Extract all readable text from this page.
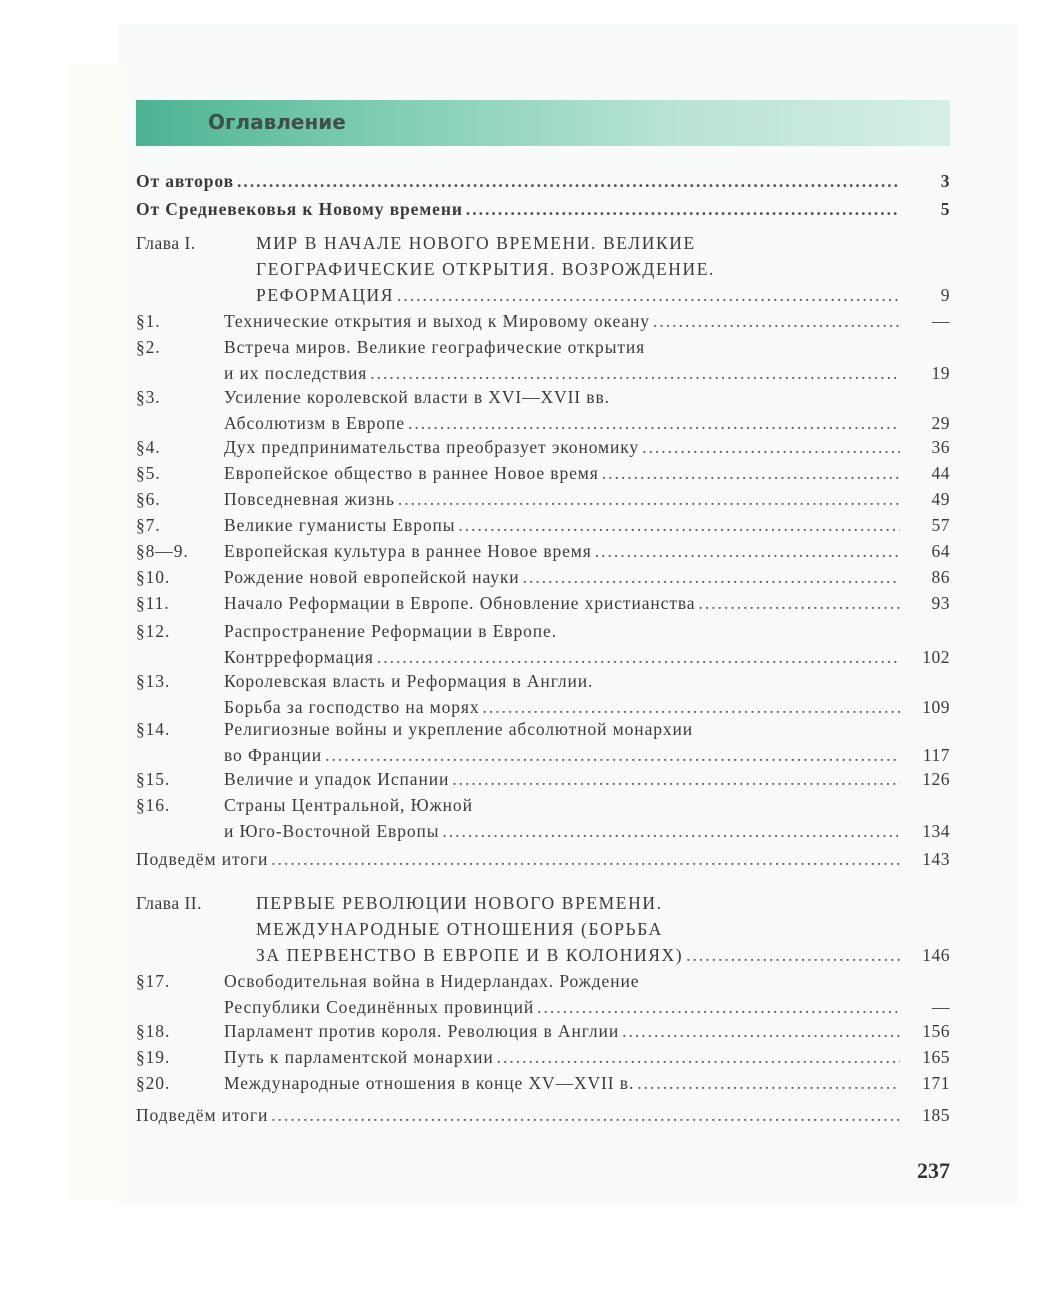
Оглавление
От авторов .....	3
От Средневековья к Новому времени .....	5
Глава I.	МИР В НАЧАЛЕ НОВОГО ВРЕМЕНИ. ВЕЛИКИЕ
ГЕОГРАФИЧЕСКИЕ ОТКРЫТИЯ. ВОЗРОЖДЕНИЕ.
РЕФОРМАЦИЯ .....	9
§1.	Технические открытия и выход к Мировому океану .....	—
§2.	Встреча миров. Великие географические открытия
и их последствия .....	19
§3.	Усиление королевской власти в XVI—XVII вв.
Абсолютизм в Европе .....	29
§4.	Дух предпринимательства преобразует экономику .....	36
§5.	Европейское общество в раннее Новое время .....	44
§6.	Повседневная жизнь .....	49
§7.	Великие гуманисты Европы .....	57
§8—9. Европейская культура в раннее Новое время .....	64
§10.	Рождение новой европейской науки .....	86
§11.	Начало Реформации в Европе. Обновление христианства .....	93
§12.	Распространение Реформации в Европе.
Контрреформация .....	102
§13.	Королевская власть и Реформация в Англии.
Борьба за господство на морях .....	109
§14.	Религиозные войны и укрепление абсолютной монархии
во Франции .....	117
§15.	Величие и упадок Испании .....	126
§16.	Страны Центральной, Южной
и Юго-Восточной Европы .....	134
Подведём итоги .....	143
Глава II.	ПЕРВЫЕ РЕВОЛЮЦИИ НОВОГО ВРЕМЕНИ.
МЕЖДУНАРОДНЫЕ ОТНОШЕНИЯ (БОРЬБА
ЗА ПЕРВЕНСТВО В ЕВРОПЕ И В КОЛОНИЯХ) .....	146
§17.	Освободительная война в Нидерландах. Рождение
Республики Соединённых провинций .....	—
§18.	Парламент против короля. Революция в Англии .....	156
§19.	Путь к парламентской монархии .....	165
§20.	Международные отношения в конце XV—XVII в. .....	171
Подведём итоги .....	185
237
